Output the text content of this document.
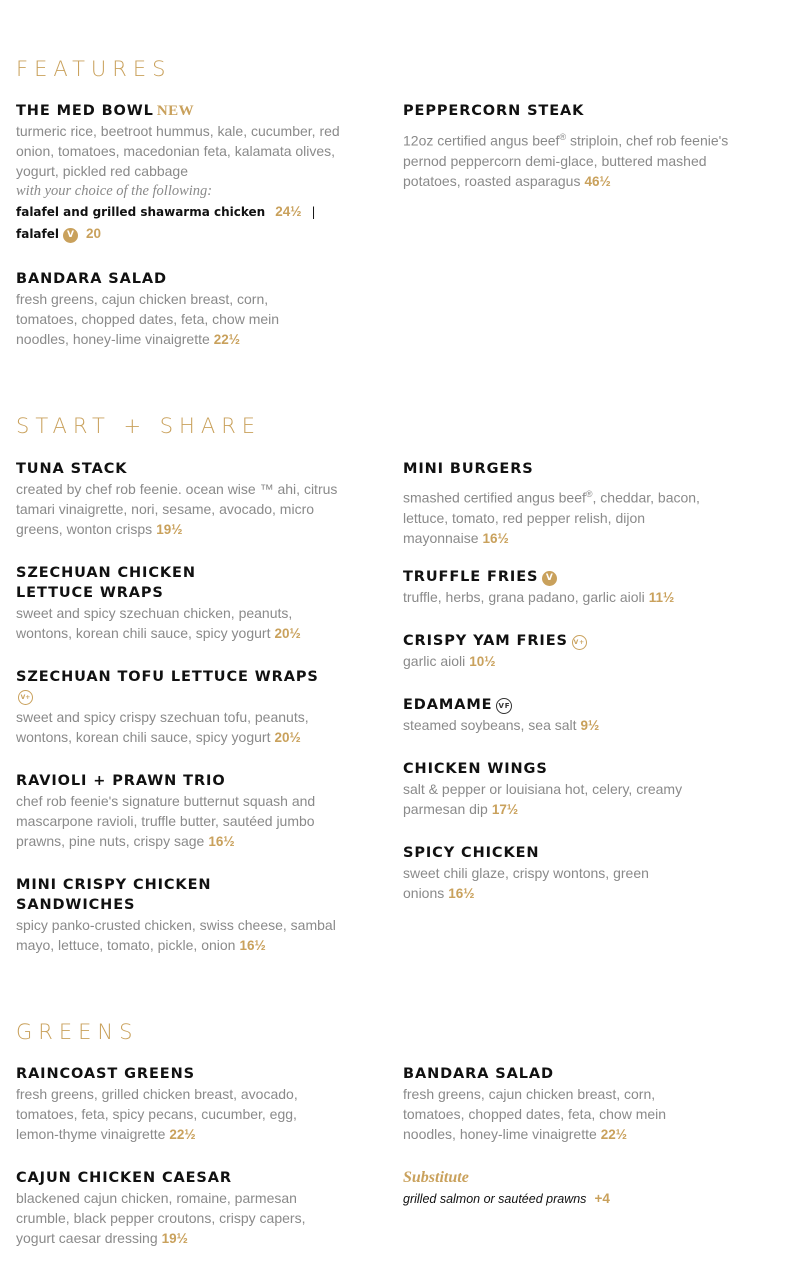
FEATURES
THE MED BOWL NEW
turmeric rice, beetroot hummus, kale, cucumber, red onion, tomatoes, macedonian feta, kalamata olives, yogurt, pickled red cabbage
with your choice of the following:
falafel and grilled shawarma chicken 24½ |
falafel V 20
PEPPERCORN STEAK
12oz certified angus beef® striploin, chef rob feenie's pernod peppercorn demi-glace, buttered mashed potatoes, roasted asparagus 46½
BANDARA SALAD
fresh greens, cajun chicken breast, corn, tomatoes, chopped dates, feta, chow mein noodles, honey-lime vinaigrette 22½
START + SHARE
TUNA STACK
created by chef rob feenie. ocean wise ™ ahi, citrus tamari vinaigrette, nori, sesame, avocado, micro greens, wonton crisps 19½
SZECHUAN CHICKEN LETTUCE WRAPS
sweet and spicy szechuan chicken, peanuts, wontons, korean chili sauce, spicy yogurt 20½
SZECHUAN TOFU LETTUCE WRAPS
V+
sweet and spicy crispy szechuan tofu, peanuts, wontons, korean chili sauce, spicy yogurt 20½
RAVIOLI + PRAWN TRIO
chef rob feenie's signature butternut squash and mascarpone ravioli, truffle butter, sautéed jumbo prawns, pine nuts, crispy sage 16½
MINI CRISPY CHICKEN SANDWICHES
spicy panko-crusted chicken, swiss cheese, sambal mayo, lettuce, tomato, pickle, onion 16½
MINI BURGERS
smashed certified angus beef®, cheddar, bacon, lettuce, tomato, red pepper relish, dijon mayonnaise 16½
TRUFFLE FRIES V
truffle, herbs, grana padano, garlic aioli 11½
CRISPY YAM FRIES V+
garlic aioli 10½
EDAMAME VF
steamed soybeans, sea salt 9½
CHICKEN WINGS
salt & pepper or louisiana hot, celery, creamy parmesan dip 17½
SPICY CHICKEN
sweet chili glaze, crispy wontons, green onions 16½
GREENS
RAINCOAST GREENS
fresh greens, grilled chicken breast, avocado, tomatoes, feta, spicy pecans, cucumber, egg, lemon-thyme vinaigrette 22½
CAJUN CHICKEN CAESAR
blackened cajun chicken, romaine, parmesan crumble, black pepper croutons, crispy capers, yogurt caesar dressing 19½
BANDARA SALAD
fresh greens, cajun chicken breast, corn, tomatoes, chopped dates, feta, chow mein noodles, honey-lime vinaigrette 22½
Substitute
grilled salmon or sautéed prawns +4
